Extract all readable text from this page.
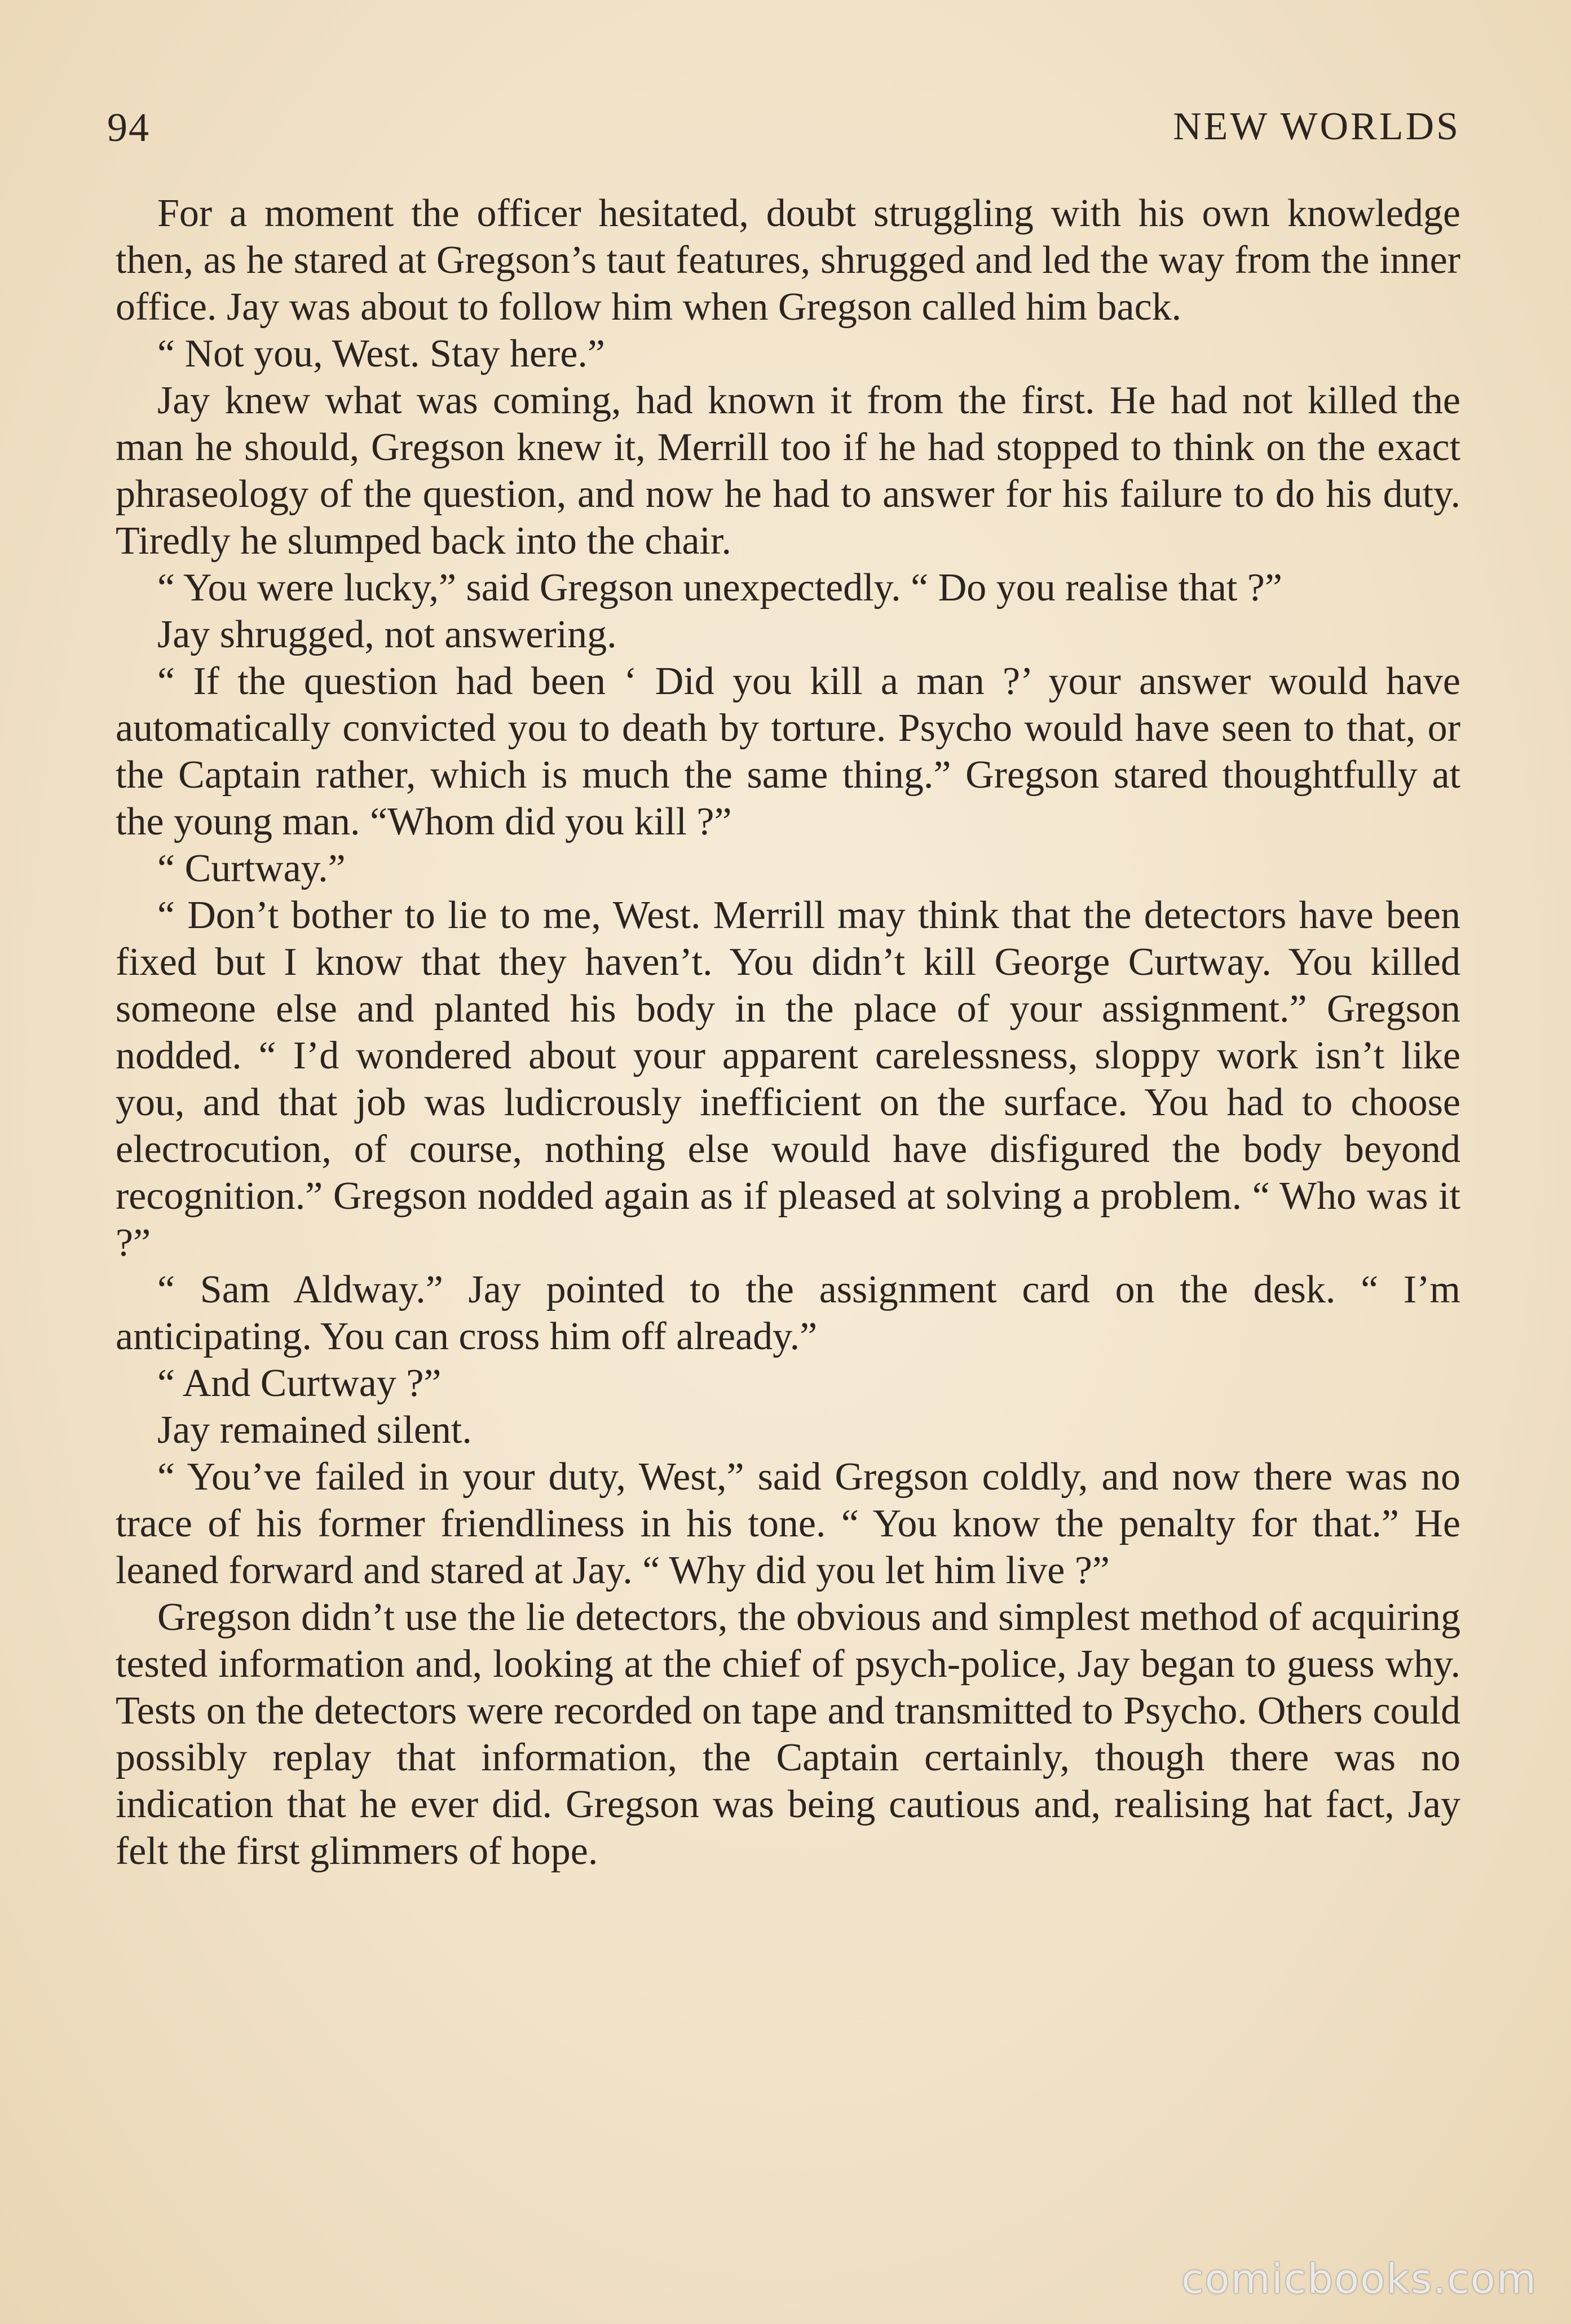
94	NEW WORLDS

For a moment the officer hesitated, doubt struggling with his own knowledge then, as he stared at Gregson’s taut features, shrugged and led the way from the inner office. Jay was about to follow him when Gregson called him back.

“ Not you, West. Stay here.”

Jay knew what was coming, had known it from the first. He had not killed the man he should, Gregson knew it, Merrill too if he had stopped to think on the exact phraseology of the question, and now he had to answer for his failure to do his duty. Tiredly he slumped back into the chair.

“ You were lucky,” said Gregson unexpectedly. “ Do you realise that ?”

Jay shrugged, not answering.

“ If the question had been ‘ Did you kill a man ?’ your answer would have automatically convicted you to death by torture. Psycho would have seen to that, or the Captain rather, which is much the same thing.” Gregson stared thoughtfully at the young man. “Whom did you kill ?”

“ Curtway.”

“ Don’t bother to lie to me, West. Merrill may think that the detectors have been fixed but I know that they haven’t. You didn’t kill George Curtway. You killed someone else and planted his body in the place of your assignment.” Gregson nodded. “ I’d wondered about your apparent carelessness, sloppy work isn’t like you, and that job was ludicrously inefficient on the surface. You had to choose electrocution, of course, nothing else would have disfigured the body beyond recognition.” Gregson nodded again as if pleased at solving a problem. “ Who was it ?”

“ Sam Aldway.” Jay pointed to the assignment card on the desk. “ I’m anticipating. You can cross him off already.”

“ And Curtway ?”

Jay remained silent.

“ You’ve failed in your duty, West,” said Gregson coldly, and now there was no trace of his former friendliness in his tone. “ You know the penalty for that.” He leaned forward and stared at Jay. “ Why did you let him live ?”

Gregson didn’t use the lie detectors, the obvious and simplest method of acquiring tested information and, looking at the chief of psych-police, Jay began to guess why. Tests on the detectors were recorded on tape and transmitted to Psycho. Others could possibly replay that information, the Captain certainly, though there was no indication that he ever did. Gregson was being cautious and, realising hat fact, Jay felt the first glimmers of hope.

comicbooks.com
